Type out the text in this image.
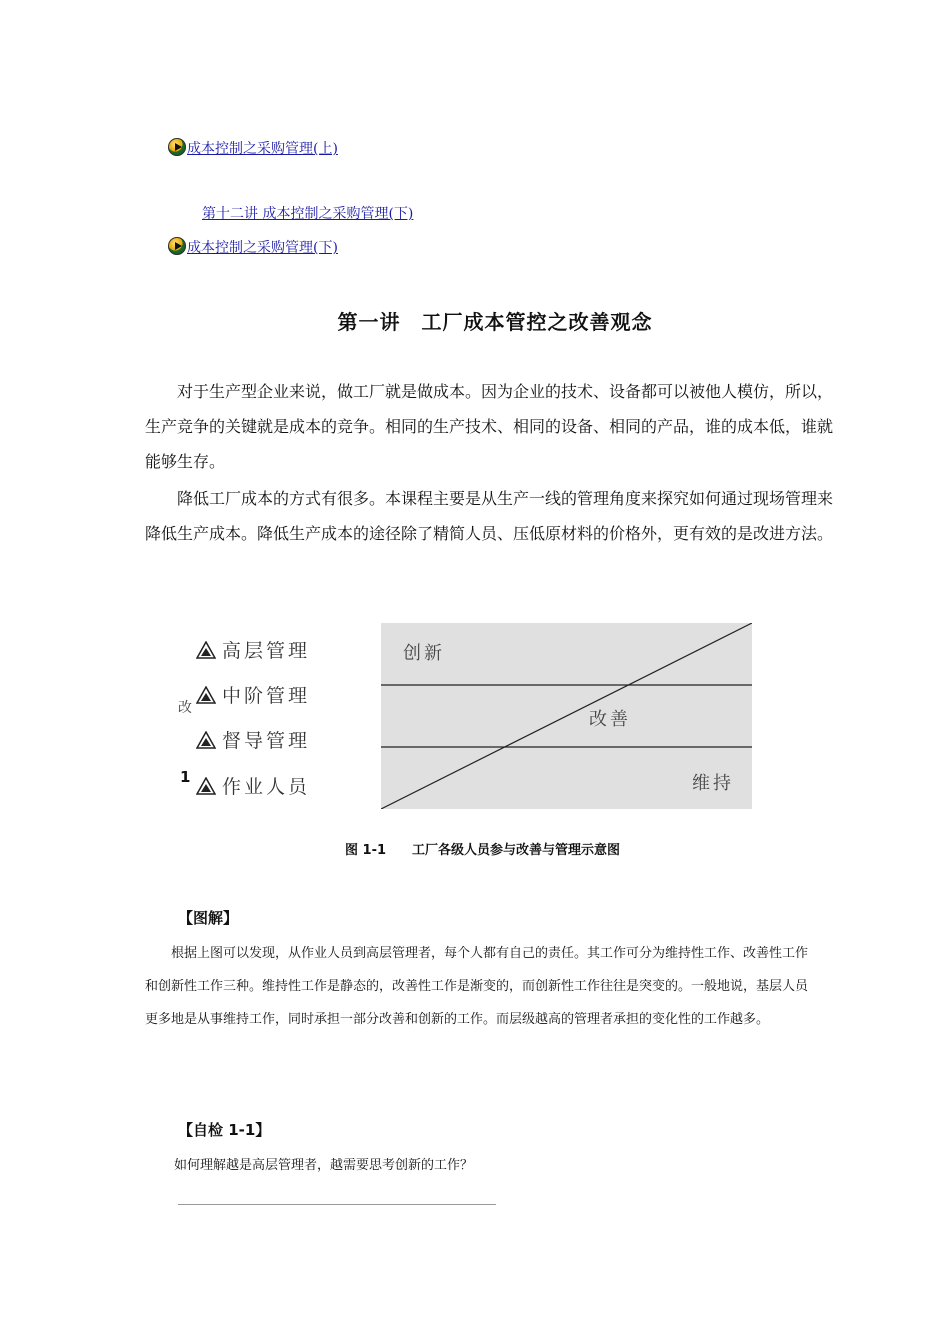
成本控制之采购管理(上)
第十二讲 成本控制之采购管理(下)
成本控制之采购管理(下)
第一讲　工厂成本管控之改善观念
对于生产型企业来说，做工厂就是做成本。因为企业的技术、设备都可以被他人模仿，所以，生产竞争的关键就是成本的竞争。相同的生产技术、相同的设备、相同的产品，谁的成本低，谁就能够生存。
降低工厂成本的方式有很多。本课程主要是从生产一线的管理角度来探究如何通过现场管理来降低生产成本。降低生产成本的途径除了精简人员、压低原材料的价格外，更有效的是改进方法。
高层管理
中阶管理
督导管理
作业人员
改
1
创新
改善
维持
图 1-1　　工厂各级人员参与改善与管理示意图
【图解】
根据上图可以发现，从作业人员到高层管理者，每个人都有自己的责任。其工作可分为维持性工作、改善性工作和创新性工作三种。维持性工作是静态的，改善性工作是渐变的，而创新性工作往往是突变的。一般地说，基层人员更多地是从事维持工作，同时承担一部分改善和创新的工作。而层级越高的管理者承担的变化性的工作越多。
【自检 1-1】
如何理解越是高层管理者，越需要思考创新的工作？
